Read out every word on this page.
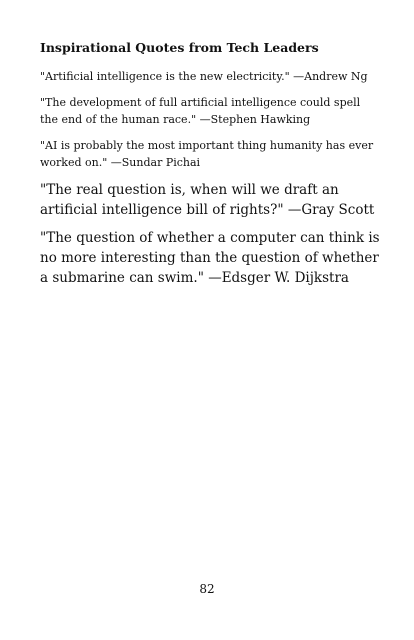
Inspirational Quotes from Tech Leaders

"Artificial intelligence is the new electricity." —Andrew Ng

"The development of full artificial intelligence could spell the end of the human race." —Stephen Hawking

"AI is probably the most important thing humanity has ever worked on." —Sundar Pichai

"The real question is, when will we draft an artificial intelligence bill of rights?" —Gray Scott

"The question of whether a computer can think is no more interesting than the question of whether a submarine can swim." —Edsger W. Dijkstra

82
